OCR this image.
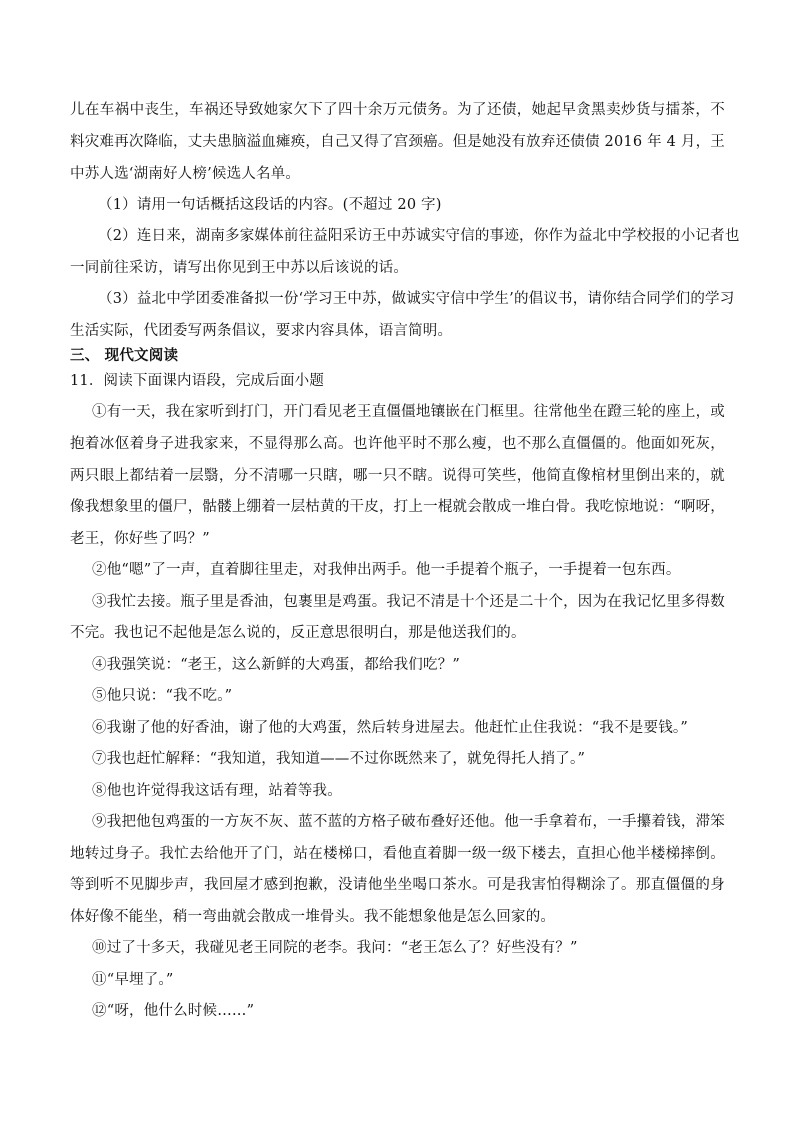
儿在车祸中丧生，车祸还导致她家欠下了四十余万元债务。为了还债，她起早贪黑卖炒货与擂茶，不
料灾难再次降临，丈夫患脑溢血瘫痪，自己又得了宫颈癌。但是她没有放弃还债债 2016 年 4 月，王
中苏人选‘湖南好人榜’候选人名单。
（1）请用一句话概括这段话的内容。(不超过 20 字)
（2）连日来，湖南多家媒体前往益阳采访王中苏诚实守信的事迹，你作为益北中学校报的小记者也
一同前往采访，请写出你见到王中苏以后该说的话。
（3）益北中学团委准备拟一份‘学习王中苏，做诚实守信中学生’的倡议书，请你结合同学们的学习
生活实际，代团委写两条倡议，要求内容具体，语言简明。
三、 现代文阅读
11．阅读下面课内语段，完成后面小题
①有一天，我在家听到打门，开门看见老王直僵僵地镶嵌在门框里。往常他坐在蹬三轮的座上，或
抱着冰伛着身子进我家来，不显得那么高。也许他平时不那么瘦，也不那么直僵僵的。他面如死灰，
两只眼上都结着一层翳，分不清哪一只瞎，哪一只不瞎。说得可笑些，他简直像棺材里倒出来的，就
像我想象里的僵尸，骷髅上绷着一层枯黄的干皮，打上一棍就会散成一堆白骨。我吃惊地说：“啊呀，
老王，你好些了吗？”
②他“嗯”了一声，直着脚往里走，对我伸出两手。他一手提着个瓶子，一手提着一包东西。
③我忙去接。瓶子里是香油，包裹里是鸡蛋。我记不清是十个还是二十个，因为在我记忆里多得数
不完。我也记不起他是怎么说的，反正意思很明白，那是他送我们的。
④我强笑说：“老王，这么新鲜的大鸡蛋，都给我们吃？”
⑤他只说：“我不吃。”
⑥我谢了他的好香油，谢了他的大鸡蛋，然后转身进屋去。他赶忙止住我说：“我不是要钱。”
⑦我也赶忙解释：“我知道，我知道——不过你既然来了，就免得托人捎了。”
⑧他也许觉得我这话有理，站着等我。
⑨我把他包鸡蛋的一方灰不灰、蓝不蓝的方格子破布叠好还他。他一手拿着布，一手攥着钱，滞笨
地转过身子。我忙去给他开了门，站在楼梯口，看他直着脚一级一级下楼去，直担心他半楼梯摔倒。
等到听不见脚步声，我回屋才感到抱歉，没请他坐坐喝口茶水。可是我害怕得糊涂了。那直僵僵的身
体好像不能坐，稍一弯曲就会散成一堆骨头。我不能想象他是怎么回家的。
⑩过了十多天，我碰见老王同院的老李。我问：“老王怎么了？好些没有？”
⑪“早埋了。”
⑫“呀，他什么时候……”
